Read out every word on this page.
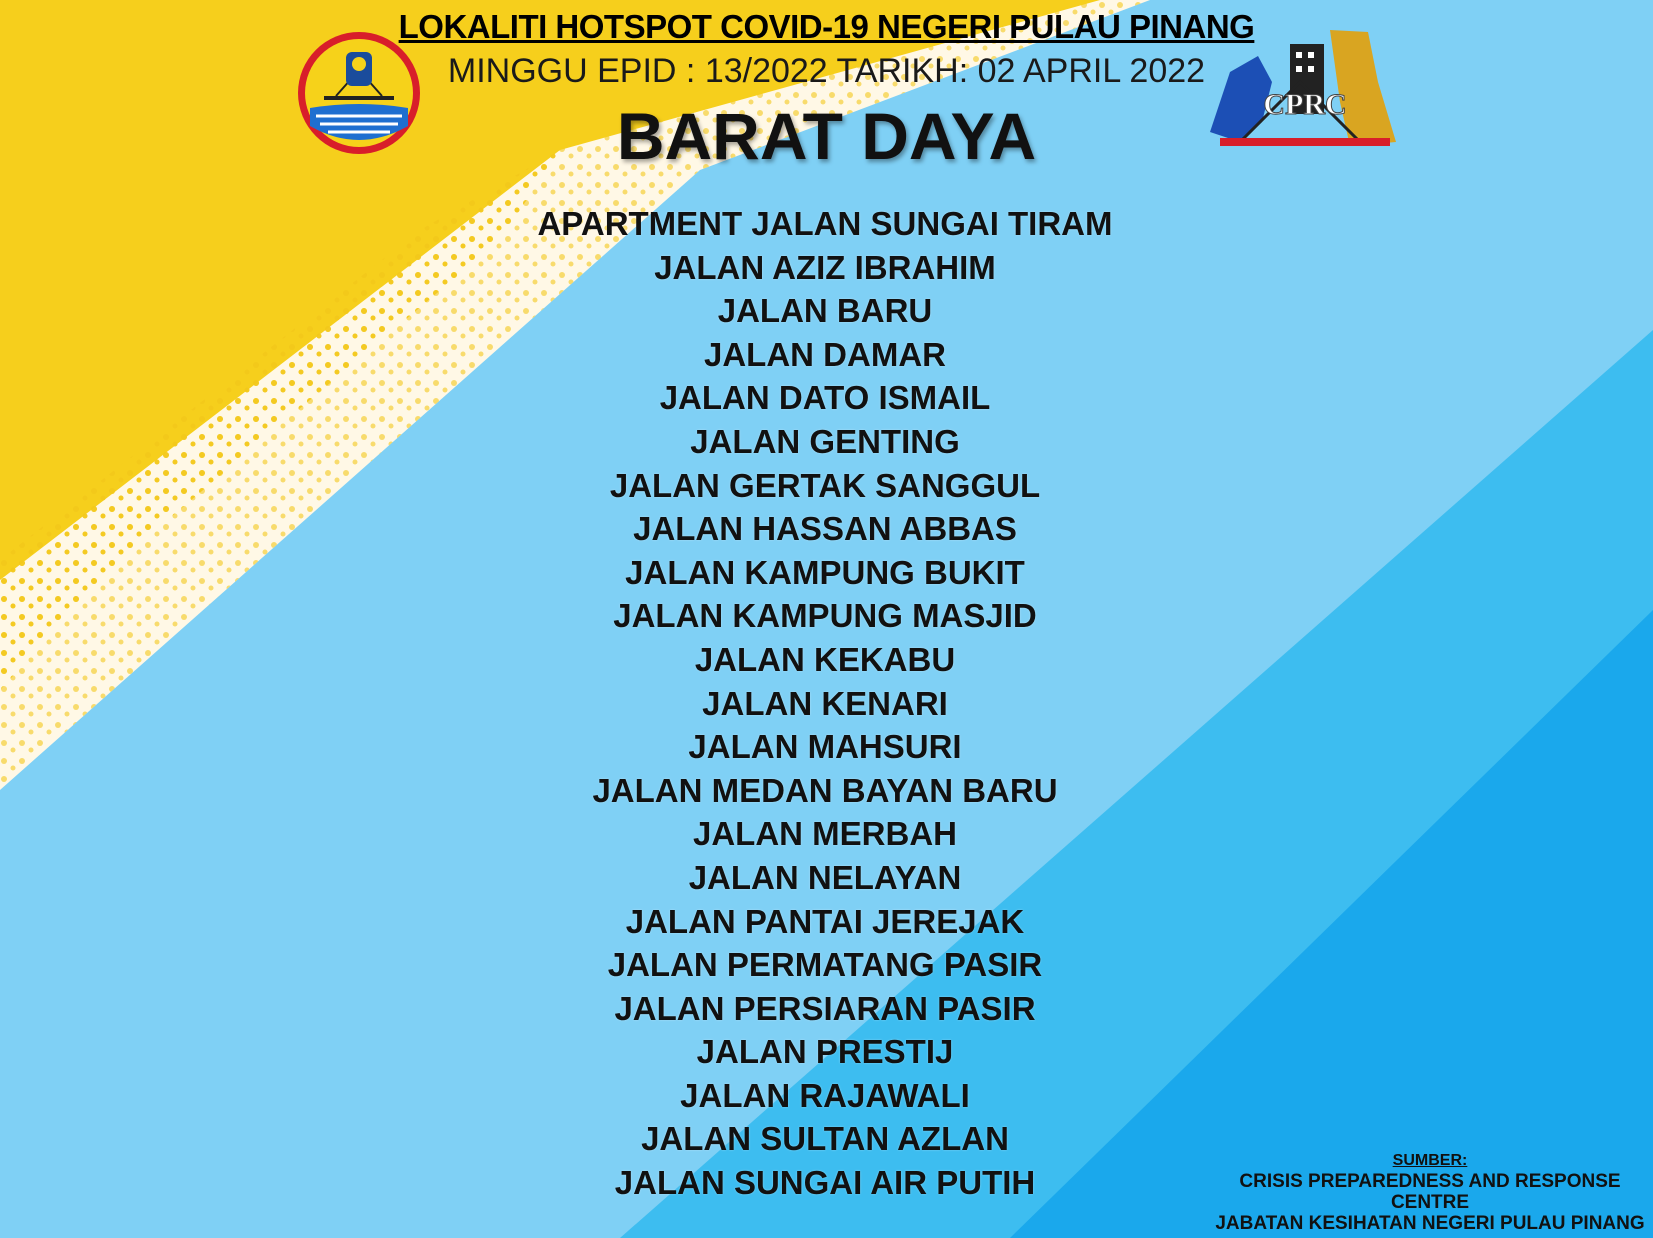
CPRC
LOKALITI HOTSPOT COVID-19 NEGERI PULAU PINANG
MINGGU EPID : 13/2022 TARIKH: 02 APRIL 2022
BARAT DAYA
APARTMENT JALAN SUNGAI TIRAM
JALAN AZIZ IBRAHIM
JALAN BARU
JALAN DAMAR
JALAN DATO ISMAIL
JALAN GENTING
JALAN GERTAK SANGGUL
JALAN HASSAN ABBAS
JALAN KAMPUNG BUKIT
JALAN KAMPUNG MASJID
JALAN KEKABU
JALAN KENARI
JALAN MAHSURI
JALAN MEDAN BAYAN BARU
JALAN MERBAH
JALAN NELAYAN
JALAN PANTAI JEREJAK
JALAN PERMATANG PASIR
JALAN PERSIARAN PASIR
JALAN PRESTIJ
JALAN RAJAWALI
JALAN SULTAN AZLAN
JALAN SUNGAI AIR PUTIH
SUMBER:
CRISIS PREPAREDNESS AND RESPONSE
CENTRE
JABATAN KESIHATAN NEGERI PULAU PINANG
